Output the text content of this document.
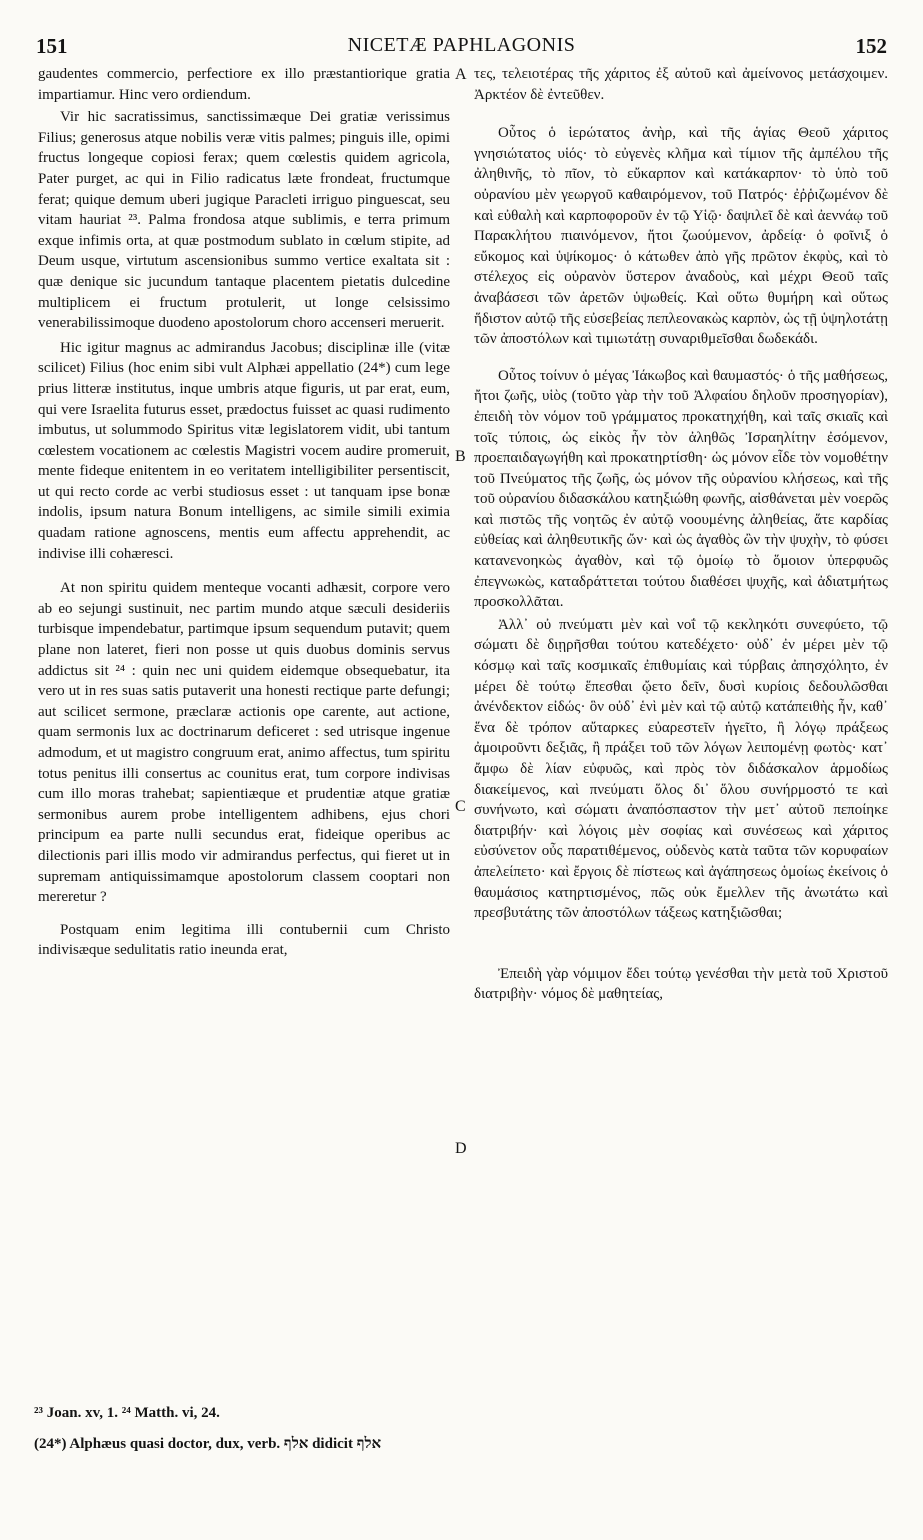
151	NICETÆ PAPHLAGONIS	152

gaudentes commercio, perfectiore ex illo præstantiorique gratia impartiamur. Hinc vero ordiendum.

Vir hic sacratissimus, sanctissimæque Dei gratiæ verissimus Filius; generosus atque nobilis veræ vitis palmes; pinguis ille, opimi fructus longeque copiosi ferax; quem cœlestis quidem agricola, Pater purget, ac qui in Filio radicatus læte frondeat, fructumque ferat; quique demum uberi jugique Paracleti irriguo pinguescat, seu vitam hauriat ²³. Palma frondosa atque sublimis, e terra primum exque infimis orta, at quæ postmodum sublato in cœlum stipite, ad Deum usque, virtutum ascensionibus summo vertice exaltata sit : quæ denique sic jucundum tantaque placentem pietatis dulcedine multiplicem ei fructum protulerit, ut longe celsissimo venerabilissimoque duodeno apostolorum choro accenseri meruerit.

Hic igitur magnus ac admirandus Jacobus; disciplinæ ille (vitæ scilicet) Filius (hoc enim sibi vult Alphæi appellatio (24*) cum lege prius litteræ institutus, inque umbris atque figuris, ut par erat, eum, qui vere Israelita futurus esset, prædoctus fuisset ac quasi rudimento imbutus, ut solummodo Spiritus vitæ legislatorem vidit, ubi tantum cœlestem vocationem ac cœlestis Magistri vocem audire promeruit, mente fideque enitentem in eo veritatem intelligibiliter persentiscit, ut qui recto corde ac verbi studiosus esset : ut tanquam ipse bonæ indolis, ipsum natura Bonum intelligens, ac simile simili eximia quadam ratione agnoscens, mentis eum affectu apprehendit, ac indivise illi cohæresci.

At non spiritu quidem menteque vocanti adhæsit, corpore vero ab eo sejungi sustinuit, nec partim mundo atque sæculi desideriis turbisque impendebatur, partimque ipsum sequendum putavit; quem plane non lateret, fieri non posse ut quis duobus dominis servus addictus sit ²⁴ : quin nec uni quidem eidemque obsequebatur, ita vero ut in res suas satis putaverit una honesti rectique parte defungi; aut scilicet sermone, præclaræ actionis ope carente, aut actione, quam sermonis lux ac doctrinarum deficeret : sed utrisque ingenue admodum, et ut magistro congruum erat, animo affectus, tum spiritu totus penitus illi consertus ac counitus erat, tum corpore indivisas cum illo moras trahebat; sapientiæque et prudentiæ atque gratiæ sermonibus aurem probe intelligentem adhibens, ejus chori principum ea parte nulli secundus erat, fideique operibus ac dilectionis pari illis modo vir admirandus perfectus, qui fieret ut in supremam antiquissimamque apostolorum classem cooptari non mereretur ?

Postquam enim legitima illi contubernii cum Christo indivisæque sedulitatis ratio ineunda erat,

τες, τελειοτέρας τῆς χάριτος ἐξ αὐτοῦ καὶ ἀμείνονος μετάσχοιμεν. Ἀρκτέον δὲ ἐντεῦθεν.

Οὗτος ὁ ἱερώτατος ἀνὴρ, καὶ τῆς ἁγίας Θεοῦ χάριτος γνησιώτατος υἱός· τὸ εὐγενὲς κλῆμα καὶ τίμιον τῆς ἀμπέλου τῆς ἀληθινῆς, τὸ πῖον, τὸ εὔκαρπον καὶ κατάκαρπον· τὸ ὑπὸ τοῦ οὐρανίου μὲν γεωργοῦ καθαιρόμενον, τοῦ Πατρός· ἐῤῥιζωμένον δὲ καὶ εὐθαλὴ καὶ καρποφοροῦν ἐν τῷ Υἱῷ· δαψιλεῖ δὲ καὶ ἀεννάῳ τοῦ Παρακλήτου πιαινόμενον, ἤτοι ζωούμενον, ἀρδείᾳ· ὁ φοῖνιξ ὁ εὔκομος καὶ ὑψίκομος· ὁ κάτωθεν ἀπὸ γῆς πρῶτον ἐκφὺς, καὶ τὸ στέλεχος εἰς οὐρανὸν ὕστερον ἀναδοὺς, καὶ μέχρι Θεοῦ ταῖς ἀναβάσεσι τῶν ἀρετῶν ὑψωθείς. Καὶ οὕτω θυμήρη καὶ οὕτως ἥδιστον αὐτῷ τῆς εὐσεβείας πεπλεονακὼς καρπὸν, ὡς τῇ ὑψηλοτάτῃ τῶν ἀποστόλων καὶ τιμιωτάτῃ συναριθμεῖσθαι δωδεκάδι.

Οὗτος τοίνυν ὁ μέγας Ἰάκωβος καὶ θαυμαστός· ὁ τῆς μαθήσεως, ἤτοι ζωῆς, υἱὸς (τοῦτο γὰρ τὴν τοῦ Ἀλφαίου δηλοῦν προσηγορίαν), ἐπειδὴ τὸν νόμον τοῦ γράμματος προκατηχήθη, καὶ ταῖς σκιαῖς καὶ τοῖς τύποις, ὡς εἰκὸς ἦν τὸν ἀληθῶς Ἰσραηλίτην ἐσόμενον, προεπαιδαγωγήθη καὶ προκατηρτίσθη· ὡς μόνον εἶδε τὸν νομοθέτην τοῦ Πνεύματος τῆς ζωῆς, ὡς μόνον τῆς οὐρανίου κλήσεως, καὶ τῆς τοῦ οὐρανίου διδασκάλου κατηξιώθη φωνῆς, αἰσθάνεται μὲν νοερῶς καὶ πιστῶς τῆς νοητῶς ἐν αὐτῷ νοουμένης ἀληθείας, ἅτε καρδίας εὐθείας καὶ ἀληθευτικῆς ὤν· καὶ ὡς ἀγαθὸς ὢν τὴν ψυχὴν, τὸ φύσει κατανενοηκὼς ἀγαθὸν, καὶ τῷ ὁμοίῳ τὸ ὅμοιον ὑπερφυῶς ἐπεγνωκὼς, καταδράττεται τούτου διαθέσει ψυχῆς, καὶ ἀδιατμήτως προσκολλᾶται.

Ἀλλ᾽ οὐ πνεύματι μὲν καὶ νοΐ τῷ κεκληκότι συνεφύετο, τῷ σώματι δὲ διῃρῆσθαι τούτου κατεδέχετο· οὐδ᾽ ἐν μέρει μὲν τῷ κόσμῳ καὶ ταῖς κοσμικαῖς ἐπιθυμίαις καὶ τύρβαις ἀπησχόλητο, ἐν μέρει δὲ τούτῳ ἕπεσθαι ᾤετο δεῖν, δυσὶ κυρίοις δεδουλῶσθαι ἀνένδεκτον εἰδώς· ὃν οὐδ᾽ ἑνὶ μὲν καὶ τῷ αὐτῷ κατάπειθὴς ἦν, καθ᾽ ἕνα δὲ τρόπον αὔταρκες εὐαρεστεῖν ἡγεῖτο, ἢ λόγῳ πράξεως ἀμοιροῦντι δεξιᾶς, ἢ πράξει τοῦ τῶν λόγων λειπομένῃ φωτὸς· κατ᾽ ἄμφω δὲ λίαν εὐφυῶς, καὶ πρὸς τὸν διδάσκαλον ἁρμοδίως διακείμενος, καὶ πνεύματι ὅλος δι᾽ ὅλου συνήρμοστό τε καὶ συνήνωτο, καὶ σώματι ἀναπόσπαστον τὴν μετ᾽ αὐτοῦ πεποίηκε διατριβήν· καὶ λόγοις μὲν σοφίας καὶ συνέσεως καὶ χάριτος εὐσύνετον οὖς παρατιθέμενος, οὐδενὸς κατὰ ταῦτα τῶν κορυφαίων ἀπελείπετο· καὶ ἔργοις δὲ πίστεως καὶ ἀγάπησεως ὁμοίως ἐκείνοις ὁ θαυμάσιος κατηρτισμένος, πῶς οὐκ ἔμελλεν τῆς ἀνωτάτω καὶ πρεσβυτάτης τῶν ἀποστόλων τάξεως κατηξιῶσθαι;

Ἐπειδὴ γὰρ νόμιμον ἔδει τούτῳ γενέσθαι τὴν μετὰ τοῦ Χριστοῦ διατριβὴν· νόμος δὲ μαθητείας,

A
B
C
D

²³ Joan. xv, 1. ²⁴ Matth. vi, 24.

(24*) Alphæus quasi doctor, dux, verb. אלף didicit אלף
